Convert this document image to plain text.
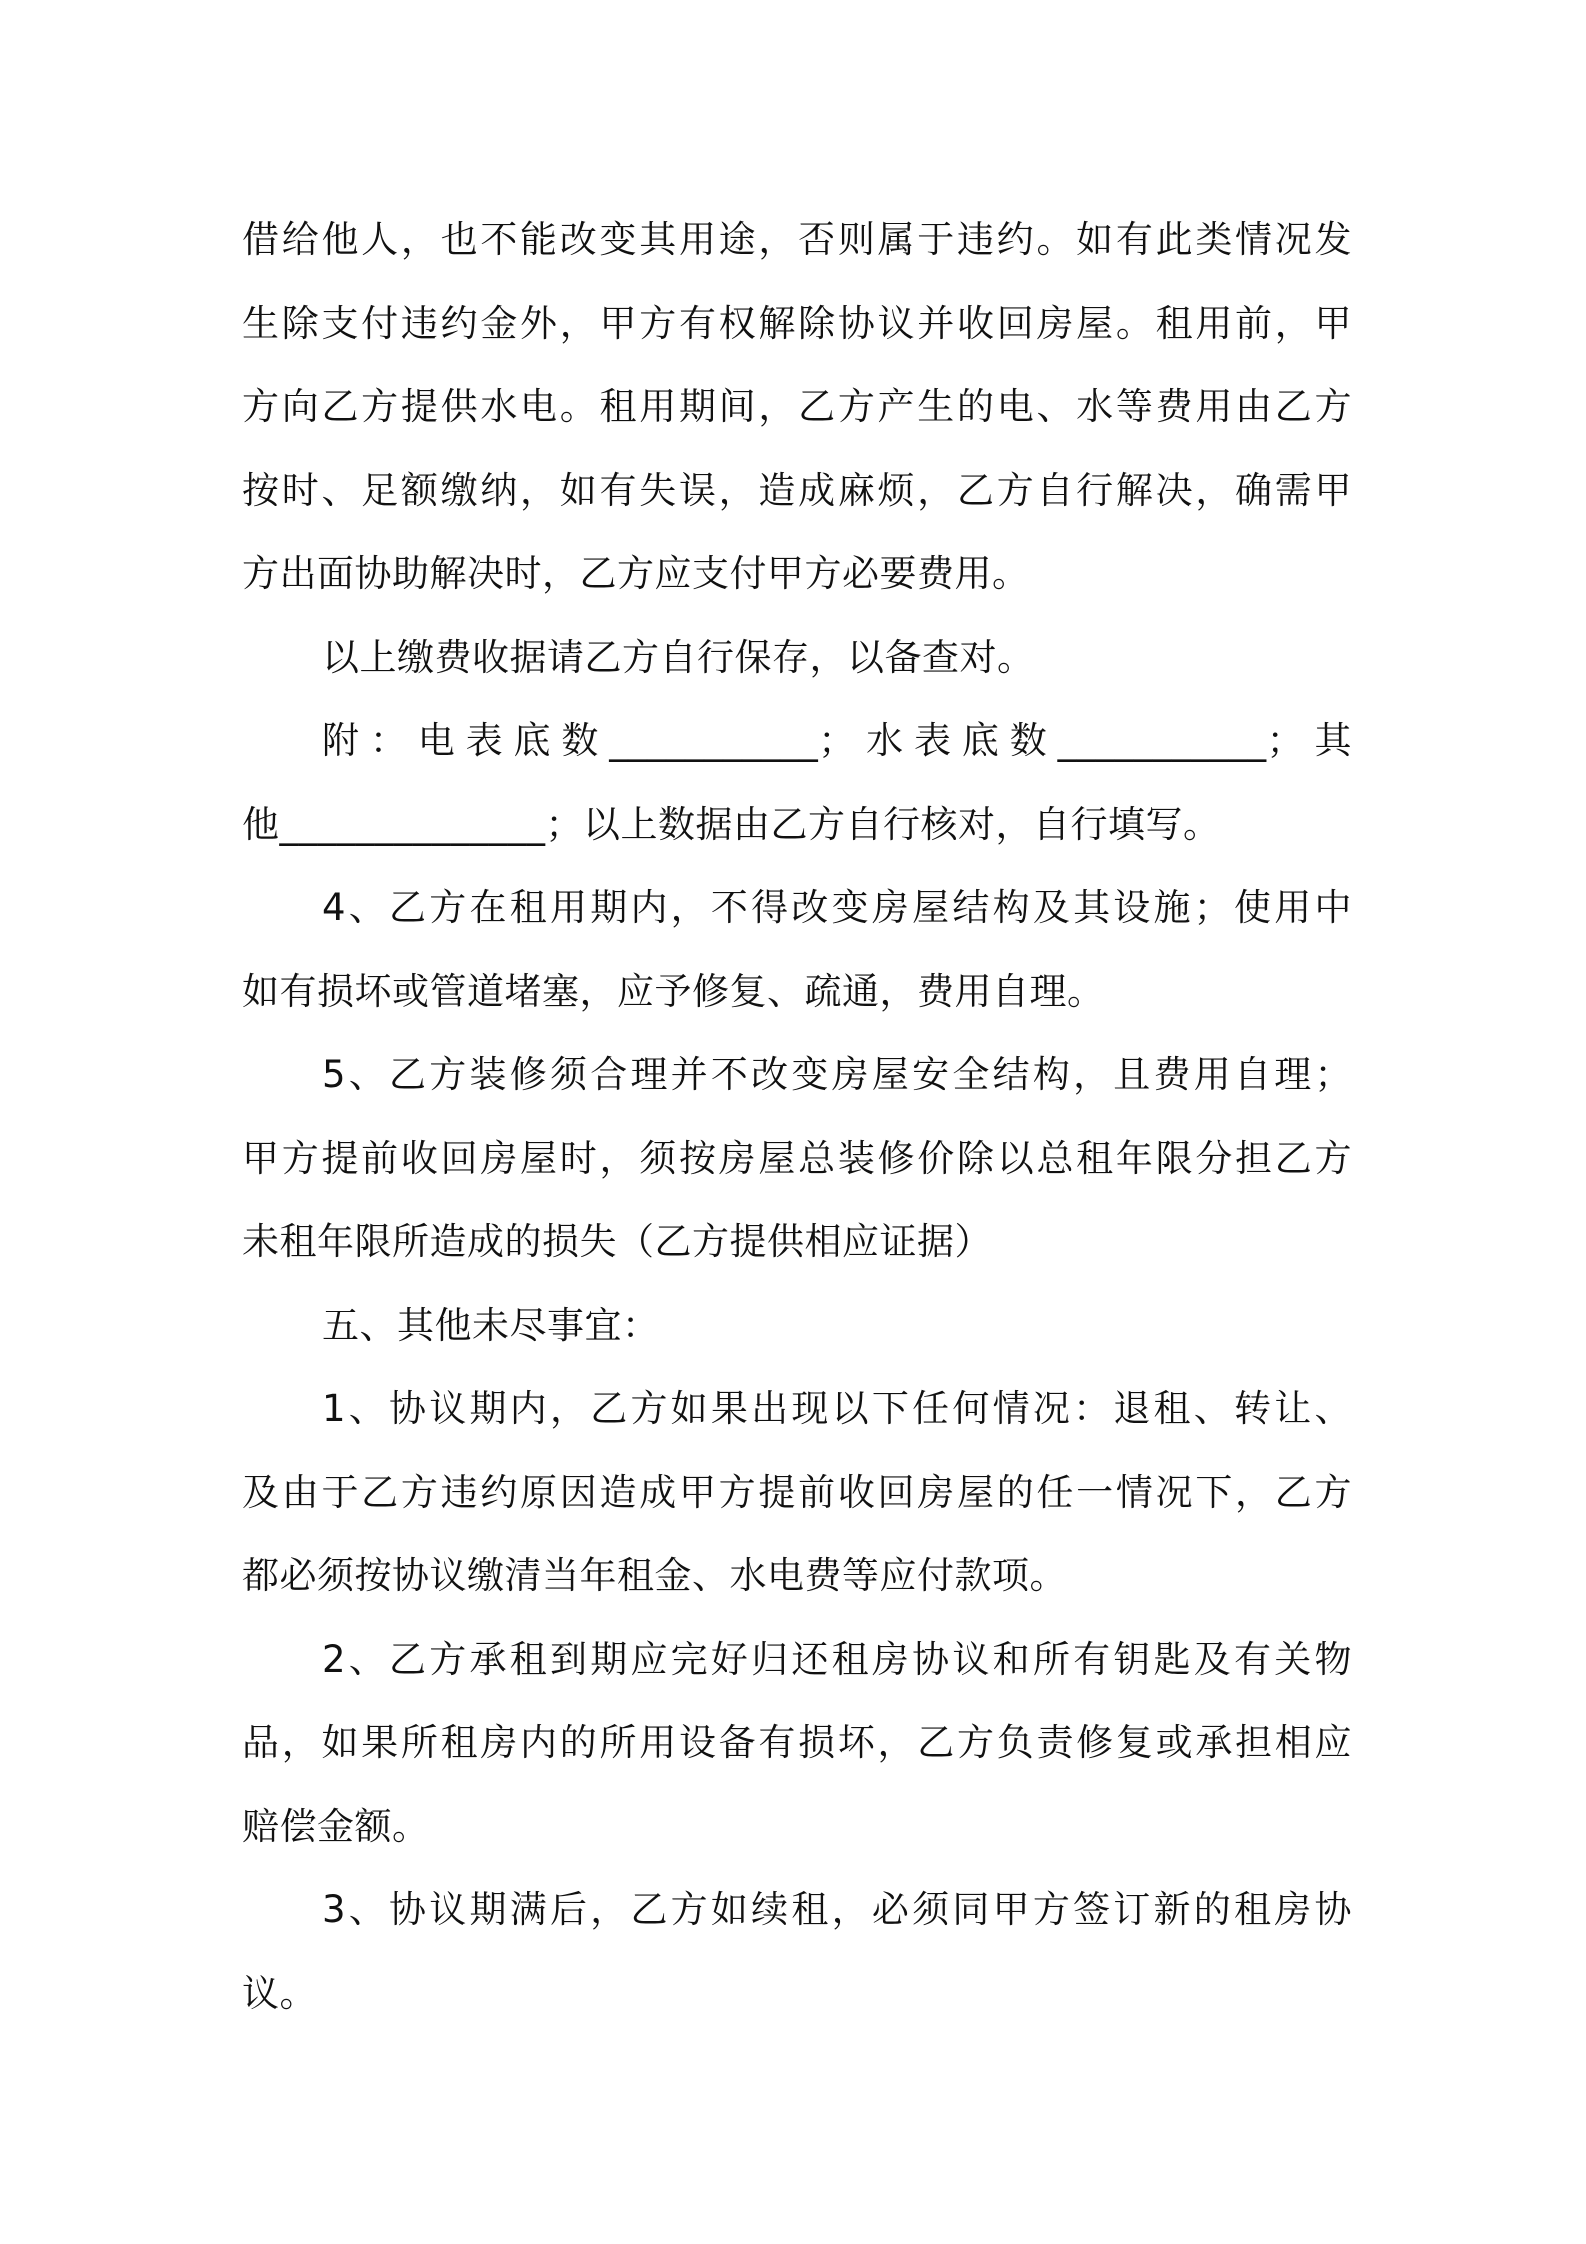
借给他人，也不能改变其用途，否则属于违约。如有此类情况发
生除支付违约金外，甲方有权解除协议并收回房屋。租用前，甲
方向乙方提供水电。租用期间，乙方产生的电、水等费用由乙方
按时、足额缴纳，如有失误，造成麻烦，乙方自行解决，确需甲
方出面协助解决时，乙方应支付甲方必要费用。
以上缴费收据请乙方自行保存，以备查对。
附：电表底数___________；水表底数___________；其
他______________；以上数据由乙方自行核对，自行填写。
4、乙方在租用期内，不得改变房屋结构及其设施；使用中
如有损坏或管道堵塞，应予修复、疏通，费用自理。
5、乙方装修须合理并不改变房屋安全结构，且费用自理；
甲方提前收回房屋时，须按房屋总装修价除以总租年限分担乙方
未租年限所造成的损失（乙方提供相应证据）
五、其他未尽事宜：
1、协议期内，乙方如果出现以下任何情况：退租、转让、
及由于乙方违约原因造成甲方提前收回房屋的任一情况下，乙方
都必须按协议缴清当年租金、水电费等应付款项。
2、乙方承租到期应完好归还租房协议和所有钥匙及有关物
品，如果所租房内的所用设备有损坏，乙方负责修复或承担相应
赔偿金额。
3、协议期满后，乙方如续租，必须同甲方签订新的租房协
议。
